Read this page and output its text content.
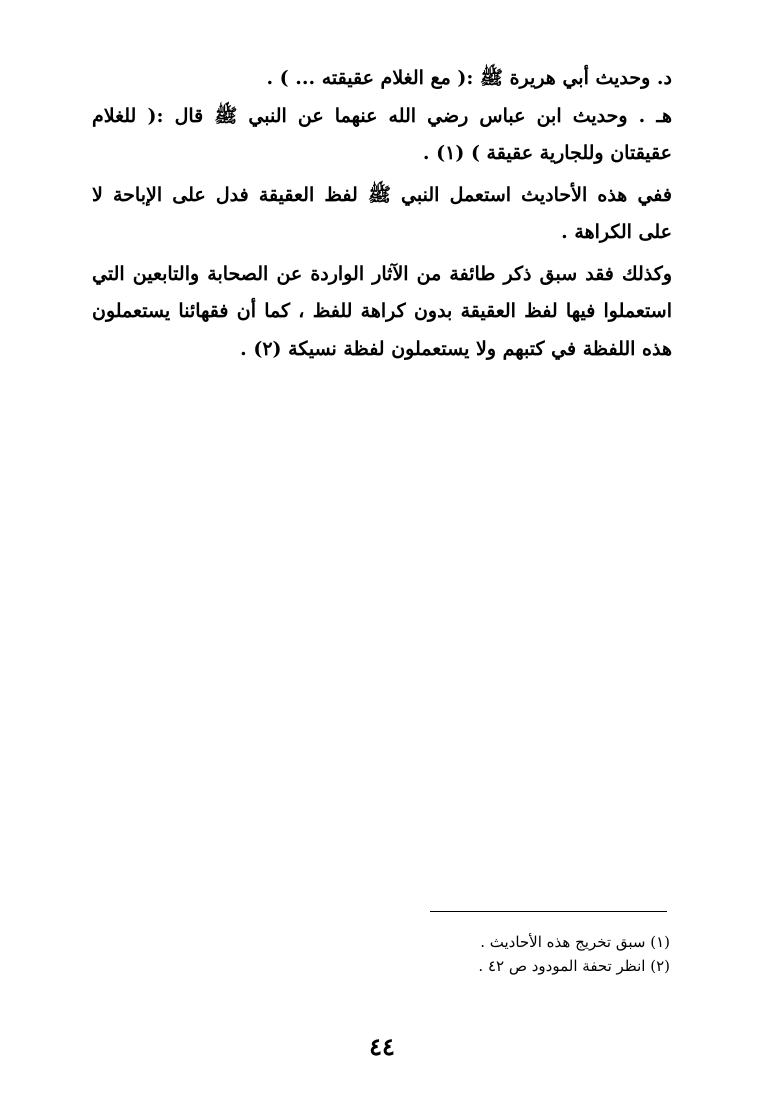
د. وحديث أبي هريرة ﷺ :( مع الغلام عقيقته ... ) .

هـ . وحديث ابن عباس رضي الله عنهما عن النبي ﷺ قال :( للغلام عقيقتان وللجارية عقيقة ) (١) .

ففي هذه الأحاديث استعمل النبي ﷺ لفظ العقيقة فدل على الإباحة لا على الكراهة .

وكذلك فقد سبق ذكر طائفة من الآثار الواردة عن الصحابة والتابعين التي استعملوا فيها لفظ العقيقة بدون كراهة للفظ ، كما أن فقهائنا يستعملون هذه اللفظة في كتبهم ولا يستعملون لفظة نسيكة (٢) .

(١) سبق تخريج هذه الأحاديث .

(٢) انظر تحفة المودود ص ٤٢ .

٤٤
